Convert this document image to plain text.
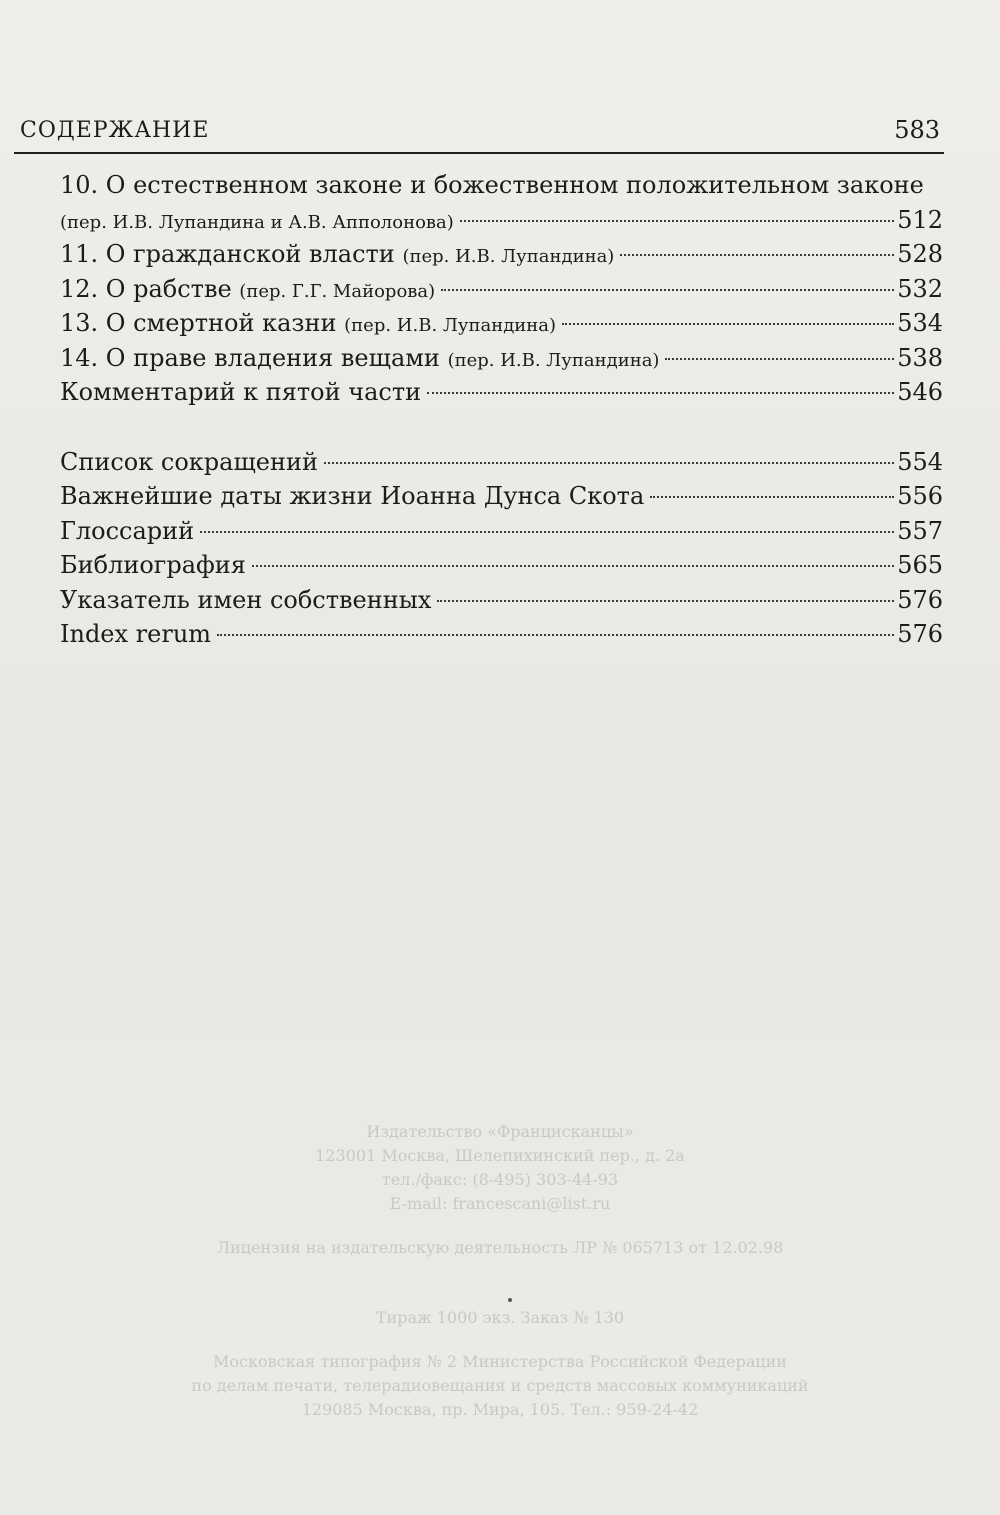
СОДЕРЖАНИЕ	583
10. О естественном законе и божественном положительном законе
(пер. И.В. Лупандина и А.В. Апполонова)	512
11. О гражданской власти (пер. И.В. Лупандина)	528
12. О рабстве (пер. Г.Г. Майорова)	532
13. О смертной казни (пер. И.В. Лупандина)	534
14. О праве владения вещами (пер. И.В. Лупандина)	538
Комментарий к пятой части	546
Список сокращений	554
Важнейшие даты жизни Иоанна Дунса Скота	556
Глоссарий	557
Библиография	565
Указатель имен собственных	576
Index rerum	576

Издательство «Францисканцы»

123001 Москва, Шелепихинский пер., д. 2а

тел./факс: (8-495) 303-44-93

E-mail: francescani@list.ru

Лицензия на издательскую деятельность ЛР № 065713 от 12.02.98

Тираж 1000 экз. Заказ № 130

Московская типография № 2 Министерства Российской Федерации

по делам печати, телерадиовещания и средств массовых коммуникаций

129085 Москва, пр. Мира, 105. Тел.: 959-24-42
